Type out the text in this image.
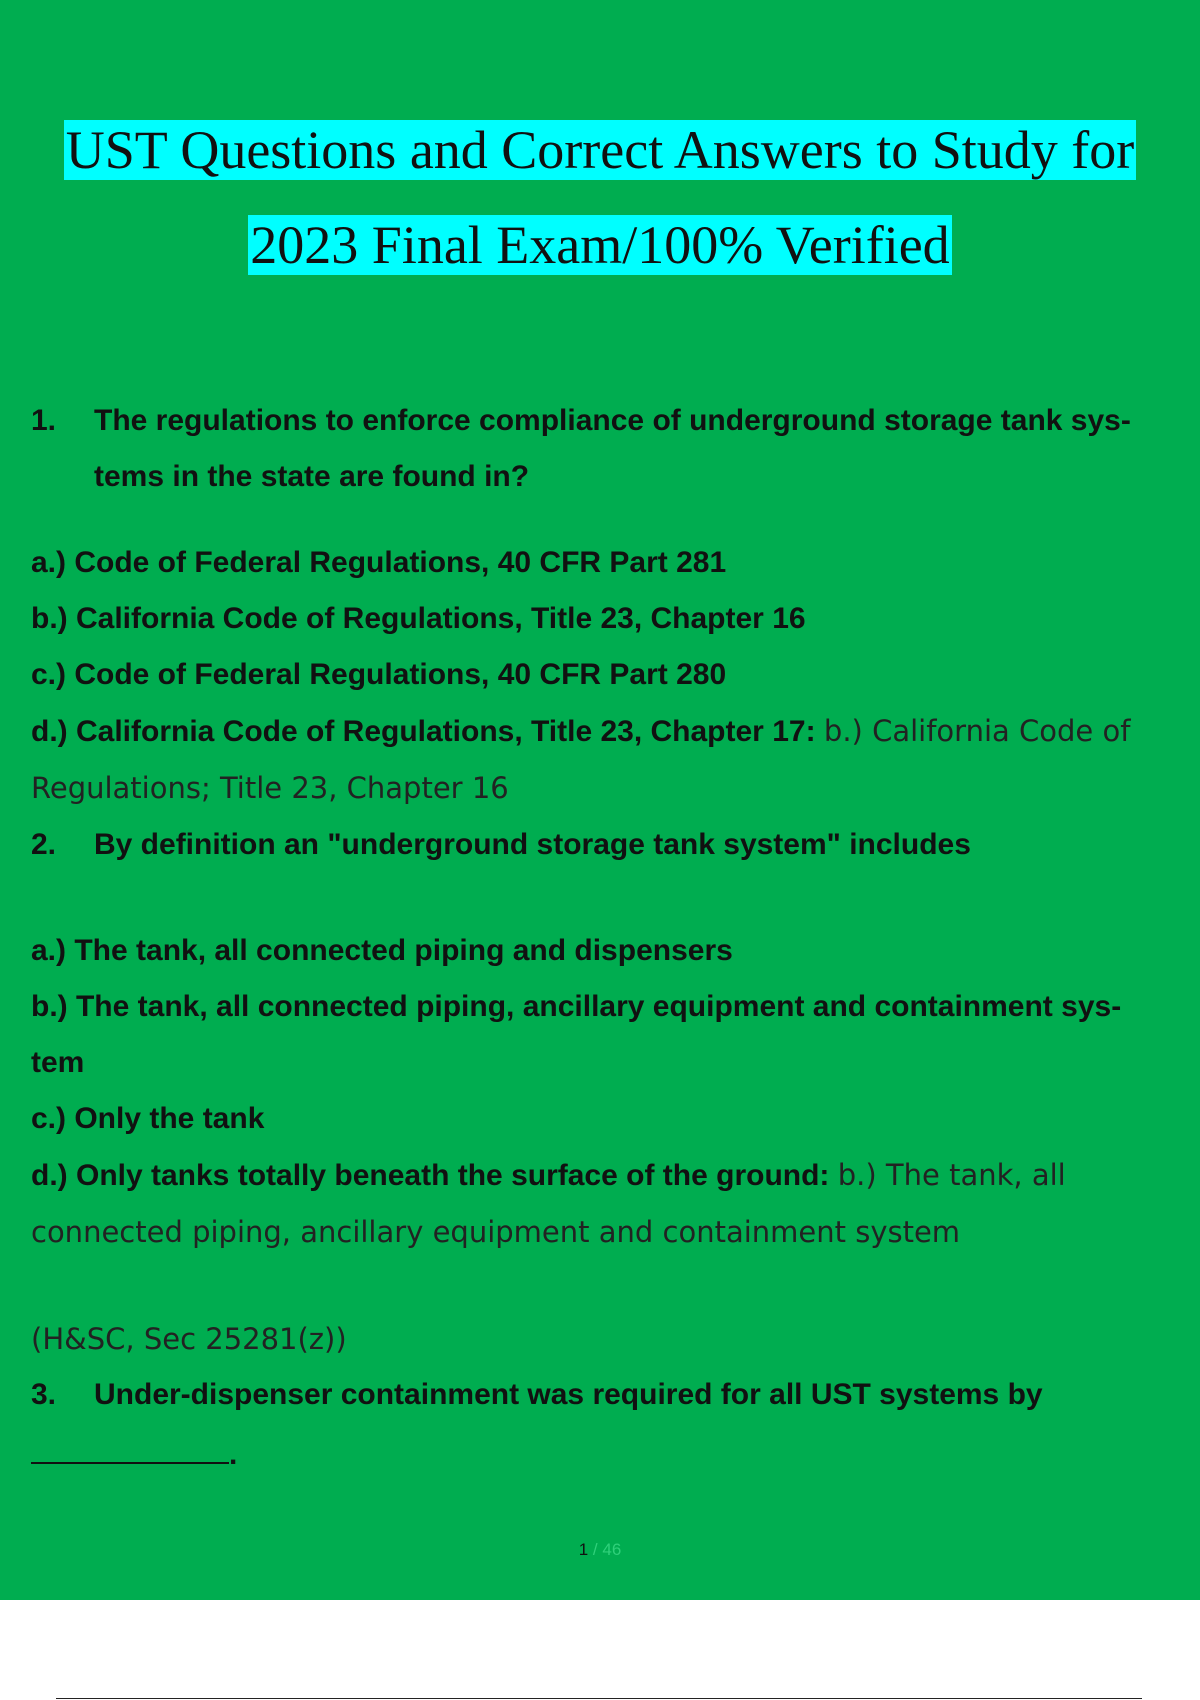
UST Questions and Correct Answers to Study for
2023 Final Exam/100% Verified
1.	The regulations to enforce compliance of underground storage tank sys- tems in the state are found in?
a.) Code of Federal Regulations, 40 CFR Part 281
b.) California Code of Regulations, Title 23, Chapter 16
c.) Code of Federal Regulations, 40 CFR Part 280
d.) California Code of Regulations, Title 23, Chapter 17: b.) California Code of Regulations; Title 23, Chapter 16
2.	By definition an "underground storage tank system" includes
a.) The tank, all connected piping and dispensers
b.) The tank, all connected piping, ancillary equipment and containment sys- tem
c.) Only the tank
d.) Only tanks totally beneath the surface of the ground: b.) The tank, all connected piping, ancillary equipment and containment system
(H&SC, Sec 25281(z))
3.	Under-dispenser containment was required for all UST systems by
.
1 / 46
